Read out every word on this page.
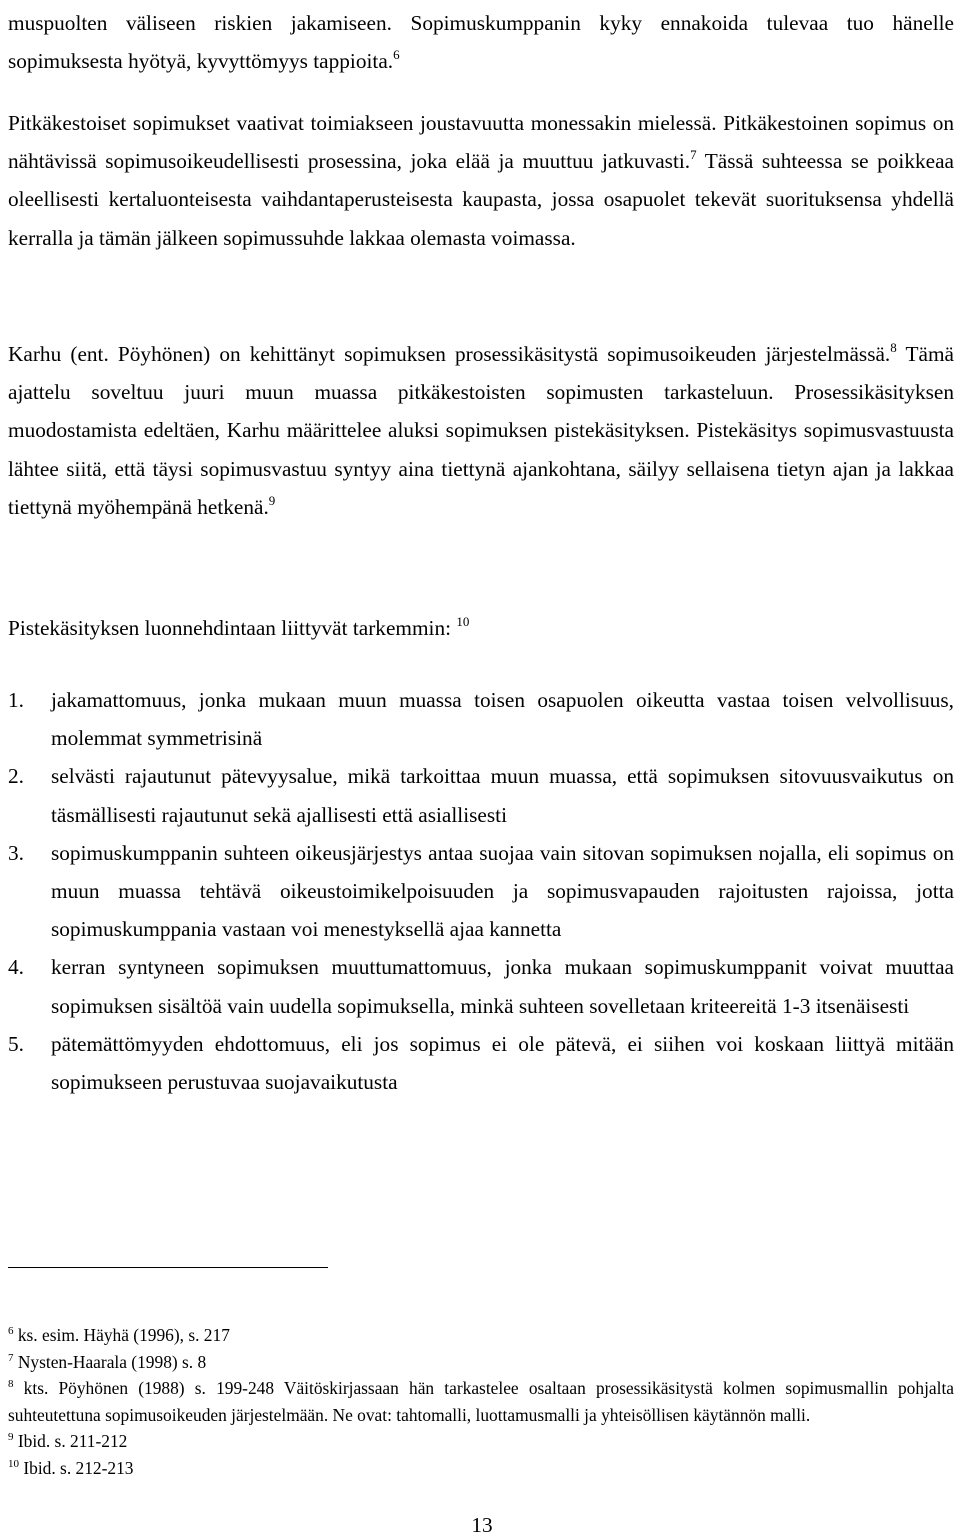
muspuolten väliseen riskien jakamiseen. Sopimuskumppanin kyky ennakoida tulevaa tuo hänelle sopimuksesta hyötyä, kyvyttömyys tappioita.$^6$

Pitkäkestoiset sopimukset vaativat toimiakseen joustavuutta monessakin mielessä. Pitkäkestoinen sopimus on nähtävissä sopimusoikeudellisesti prosessina, joka elää ja muuttuu jatkuvasti.$^7$ Tässä suhteessa se poikkeaa oleellisesti kertaluonteisesta vaihdantaperusteisesta kaupasta, jossa osapuolet tekevät suorituksensa yhdellä kerralla ja tämän jälkeen sopimussuhde lakkaa olemasta voimassa.

Karhu (ent. Pöyhönen) on kehittänyt sopimuksen prosessikäsitystä sopimusoikeuden järjestelmässä.$^8$ Tämä ajattelu soveltuu juuri muun muassa pitkäkestoisten sopimusten tarkasteluun. Prosessikäsityksen muodostamista edeltäen, Karhu määrittelee aluksi sopimuksen pistekäsityksen. Pistekäsitys sopimusvastuusta lähtee siitä, että täysi sopimusvastuu syntyy aina tiettynä ajankohtana, säilyy sellaisena tietyn ajan ja lakkaa tiettynä myöhempänä hetkenä.$^9$

Pistekäsityksen luonnehdintaan liittyvät tarkemmin: $^{10}$

1. jakamattomuus, jonka mukaan muun muassa toisen osapuolen oikeutta vastaa toisen velvollisuus, molemmat symmetrisinä
2. selvästi rajautunut pätevyysalue, mikä tarkoittaa muun muassa, että sopimuksen sitovuusvaikutus on täsmällisesti rajautunut sekä ajallisesti että asiallisesti
3. sopimuskumppanin suhteen oikeusjärjestys antaa suojaa vain sitovan sopimuksen nojalla, eli sopimus on muun muassa tehtävä oikeustoimikelpoisuuden ja sopimusvapauden rajoitusten rajoissa, jotta sopimuskumppania vastaan voi menestyksellä ajaa kannetta
4. kerran syntyneen sopimuksen muuttumattomuus, jonka mukaan sopimuskumppanit voivat muuttaa sopimuksen sisältöä vain uudella sopimuksella, minkä suhteen sovelletaan kriteereitä 1-3 itsenäisesti
5. pätemättömyyden ehdottomuus, eli jos sopimus ei ole pätevä, ei siihen voi koskaan liittyä mitään sopimukseen perustuvaa suojavaikutusta
$^6$ ks. esim. Häyhä (1996), s. 217
$^7$ Nysten-Haarala (1998) s. 8
$^8$ kts. Pöyhönen (1988) s. 199-248 Väitöskirjassaan hän tarkastelee osaltaan prosessikäsitystä kolmen sopimusmallin pohjalta suhteutettuna sopimusoikeuden järjestelmään. Ne ovat: tahtomalli, luottamusmalli ja yhteisöllisen käytännön malli.
$^9$ Ibid. s. 211-212
$^{10}$ Ibid. s. 212-213
13
